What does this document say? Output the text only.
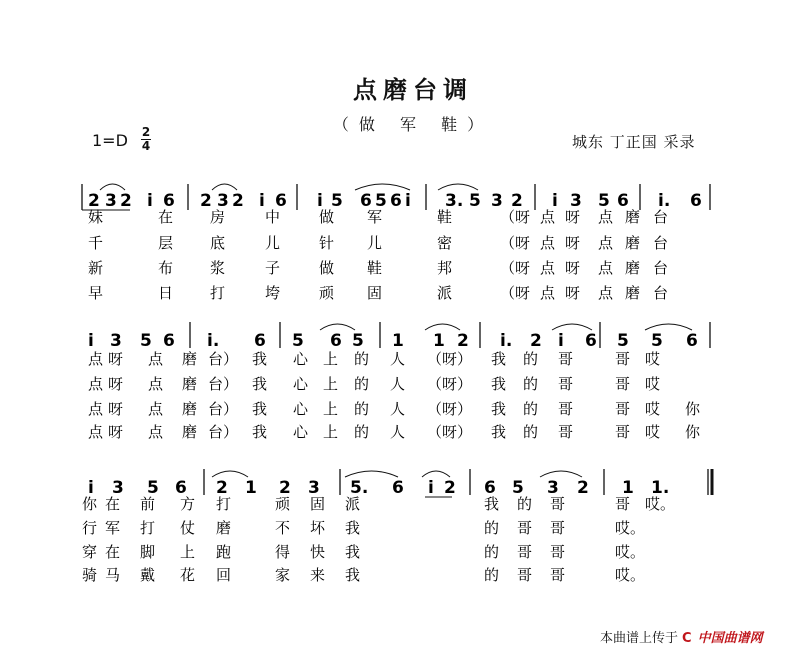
点磨台调
（做 军 鞋）
1=D 2
4	城东 丁正国 采录
2 3 2 i 6 2 3 2 i 6 i 5 6 5 6 i 3. 5 3 2 i 3 5 6 i. 6
妹	在 房	中	做 军	鞋	（呀 点 呀 点 磨 台
千	层 底	儿	针 儿	密	（呀 点 呀 点 磨 台
新	布 浆	子	做 鞋	邦	（呀 点 呀 点 磨 台
早	日 打	垮	顽 固	派	（呀 点 呀 点 磨 台
i 3 5 6 i. 6 5 6 5 1 1 2 i. 2 i 6 5 5 6
点 呀 点 磨 台） 我 心 上 的 人 （呀） 我 的 哥	哥 哎
点 呀 点 磨 台） 我 心 上 的 人 （呀） 我 的 哥	哥 哎
点 呀 点 磨 台） 我 心 上 的 人 （呀） 我 的 哥	哥 哎 你
点 呀 点 磨 台） 我 心 上 的 人 （呀） 我 的 哥	哥 哎 你
i 3 5 6 2 1 2 3 5. 6 i 2 6 5 3 2 1 1.
你 在 前 方 打	顽 固 派	我 的 哥	哥 哎。
行 军 打 仗 磨	不 坏 我	的 哥 哥	哎。
穿 在 脚 上 跑	得 快 我	的 哥 哥	哎。
骑 马 戴 花 回	家 来 我	的 哥 哥	哎。
本曲谱上传于 C 中国曲谱网
